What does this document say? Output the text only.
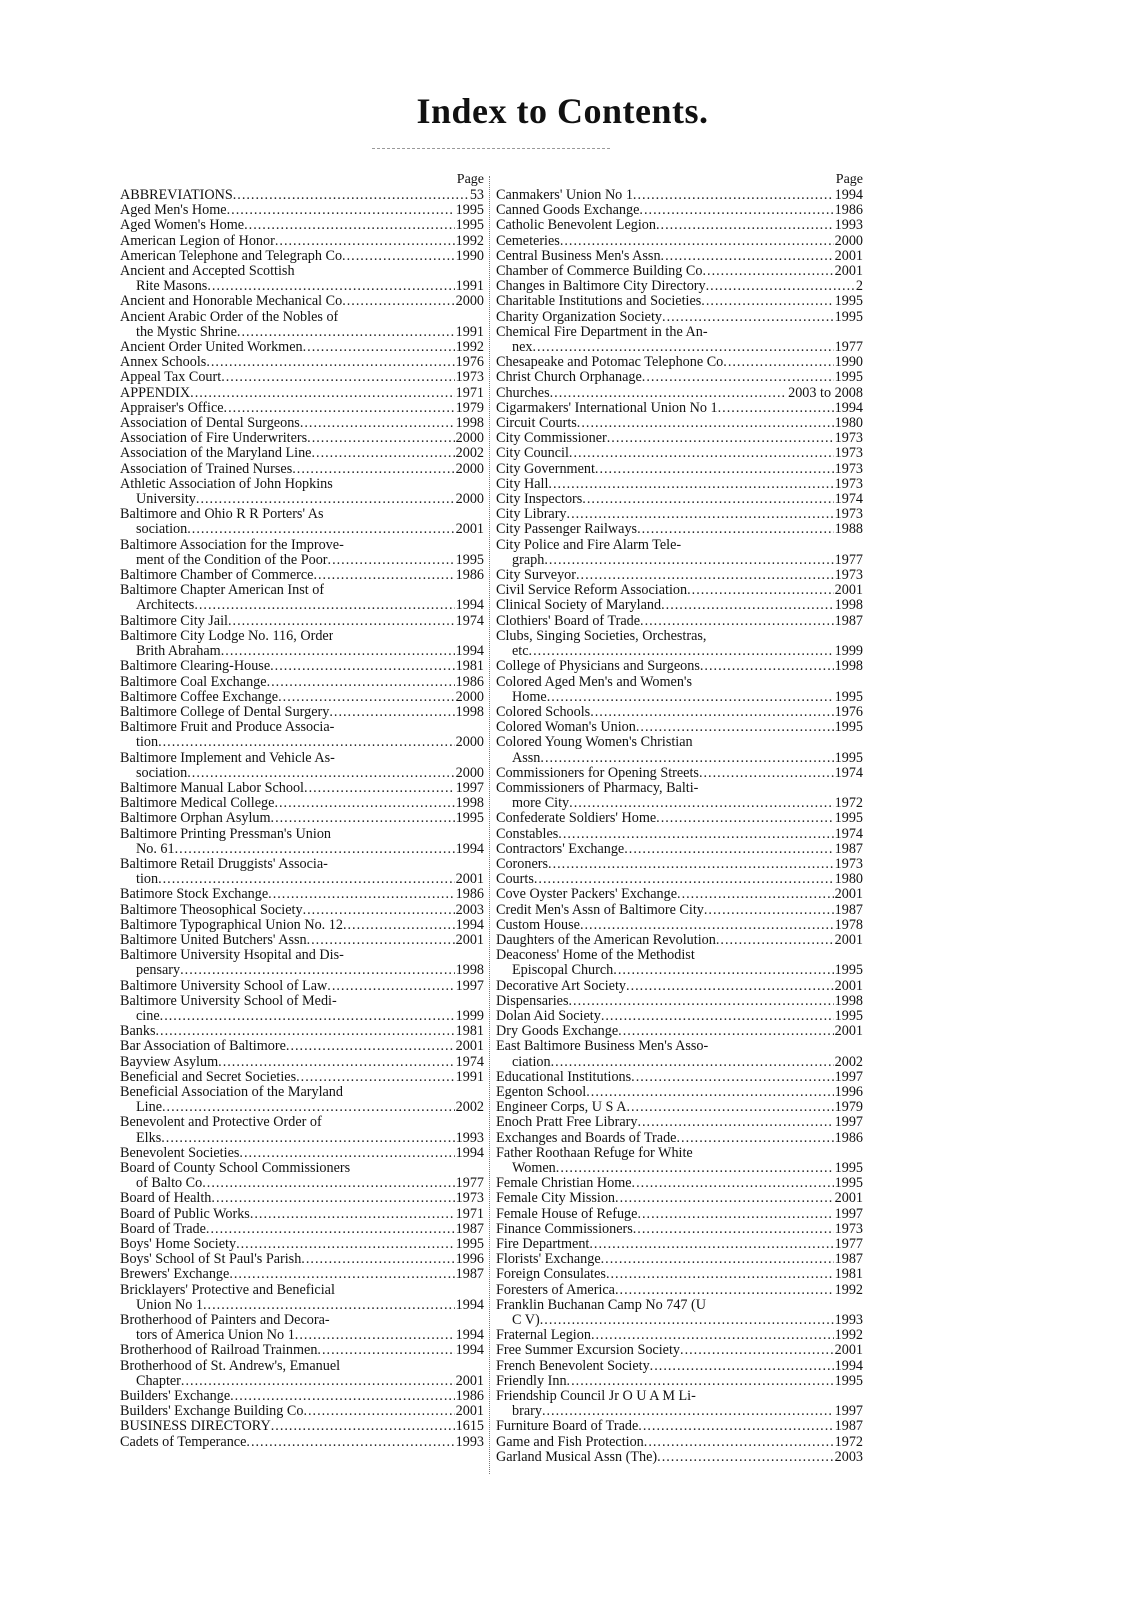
Index to Contents.
Page
ABBREVIATIONS .....	53
Aged Men's Home .....	1995
Aged Women's Home .....	1995
American Legion of Honor .....	1992
American Telephone and Telegraph Co .....	1990
Ancient and Accepted Scottish
Rite Masons .....	1991
Ancient and Honorable Mechanical Co .....	2000
Ancient Arabic Order of the Nobles of
the Mystic Shrine .....	1991
Ancient Order United Workmen .....	1992
Annex Schools .....	1976
Appeal Tax Court .....	1973
APPENDIX .....	1971
Appraiser's Office .....	1979
Association of Dental Surgeons .....	1998
Association of Fire Underwriters .....	2000
Association of the Maryland Line .....	2002
Association of Trained Nurses .....	2000
Athletic Association of John Hopkins
University .....	2000
Baltimore and Ohio R R Porters' As
sociation .....	2001
Baltimore Association for the Improve-
ment of the Condition of the Poor .....	1995
Baltimore Chamber of Commerce .....	1986
Baltimore Chapter American Inst of
Architects .....	1994
Baltimore City Jail .....	1974
Baltimore City Lodge No. 116, Order
Brith Abraham .....	1994
Baltimore Clearing-House .....	1981
Baltimore Coal Exchange .....	1986
Baltimore Coffee Exchange .....	2000
Baltimore College of Dental Surgery .....	1998
Baltimore Fruit and Produce Associa-
tion .....	2000
Baltimore Implement and Vehicle As-
sociation .....	2000
Baltimore Manual Labor School .....	1997
Baltimore Medical College .....	1998
Baltimore Orphan Asylum .....	1995
Baltimore Printing Pressman's Union
No. 61 .....	1994
Baltimore Retail Druggists' Associa-
tion .....	2001
Batimore Stock Exchange .....	1986
Baltimore Theosophical Society .....	2003
Baltimore Typographical Union No. 12 .....	1994
Baltimore United Butchers' Assn .....	2001
Baltimore University Hsopital and Dis-
pensary .....	1998
Baltimore University School of Law .....	1997
Baltimore University School of Medi-
cine .....	1999
Banks .....	1981
Bar Association of Baltimore .....	2001
Bayview Asylum .....	1974
Beneficial and Secret Societies .....	1991
Beneficial Association of the Maryland
Line .....	2002
Benevolent and Protective Order of
Elks .....	1993
Benevolent Societies .....	1994
Board of County School Commissioners
of Balto Co .....	1977
Board of Health .....	1973
Board of Public Works .....	1971
Board of Trade .....	1987
Boys' Home Society .....	1995
Boys' School of St Paul's Parish .....	1996
Brewers' Exchange .....	1987
Bricklayers' Protective and Beneficial
Union No 1 .....	1994
Brotherhood of Painters and Decora-
tors of America Union No 1 .....	1994
Brotherhood of Railroad Trainmen .....	1994
Brotherhood of St. Andrew's, Emanuel
Chapter .....	2001
Builders' Exchange .....	1986
Builders' Exchange Building Co .....	2001
BUSINESS DIRECTORY .....	1615
Cadets of Temperance .....	1993
Page
Canmakers' Union No 1 .....	1994
Canned Goods Exchange .....	1986
Catholic Benevolent Legion .....	1993
Cemeteries .....	2000
Central Business Men's Assn .....	2001
Chamber of Commerce Building Co .....	2001
Changes in Baltimore City Directory .....	2
Charitable Institutions and Societies .....	1995
Charity Organization Society .....	1995
Chemical Fire Department in the An-
nex .....	1977
Chesapeake and Potomac Telephone Co .....	1990
Christ Church Orphanage .....	1995
Churches .....	2003 to 2008
Cigarmakers' International Union No 1 .....	1994
Circuit Courts .....	1980
City Commissioner .....	1973
City Council .....	1973
City Government .....	1973
City Hall .....	1973
City Inspectors .....	1974
City Library .....	1973
City Passenger Railways .....	1988
City Police and Fire Alarm Tele-
graph .....	1977
City Surveyor .....	1973
Civil Service Reform Association .....	2001
Clinical Society of Maryland .....	1998
Clothiers' Board of Trade .....	1987
Clubs, Singing Societies, Orchestras,
etc .....	1999
College of Physicians and Surgeons .....	1998
Colored Aged Men's and Women's
Home .....	1995
Colored Schools .....	1976
Colored Woman's Union .....	1995
Colored Young Women's Christian
Assn .....	1995
Commissioners for Opening Streets .....	1974
Commissioners of Pharmacy, Balti-
more City .....	1972
Confederate Soldiers' Home .....	1995
Constables .....	1974
Contractors' Exchange .....	1987
Coroners .....	1973
Courts .....	1980
Cove Oyster Packers' Exchange .....	2001
Credit Men's Assn of Baltimore City .....	1987
Custom House .....	1978
Daughters of the American Revolution .....	2001
Deaconess' Home of the Methodist
Episcopal Church .....	1995
Decorative Art Society .....	2001
Dispensaries .....	1998
Dolan Aid Society .....	1995
Dry Goods Exchange .....	2001
East Baltimore Business Men's Asso-
ciation .....	2002
Educational Institutions .....	1997
Egenton School .....	1996
Engineer Corps, U S A .....	1979
Enoch Pratt Free Library .....	1997
Exchanges and Boards of Trade .....	1986
Father Roothaan Refuge for White
Women .....	1995
Female Christian Home .....	1995
Female City Mission .....	2001
Female House of Refuge .....	1997
Finance Commissioners .....	1973
Fire Department .....	1977
Florists' Exchange .....	1987
Foreign Consulates .....	1981
Foresters of America .....	1992
Franklin Buchanan Camp No 747 (U
C V) .....	1993
Fraternal Legion .....	1992
Free Summer Excursion Society .....	2001
French Benevolent Society .....	1994
Friendly Inn .....	1995
Friendship Council Jr O U A M Li-
brary .....	1997
Furniture Board of Trade .....	1987
Game and Fish Protection .....	1972
Garland Musical Assn (The) .....	2003
